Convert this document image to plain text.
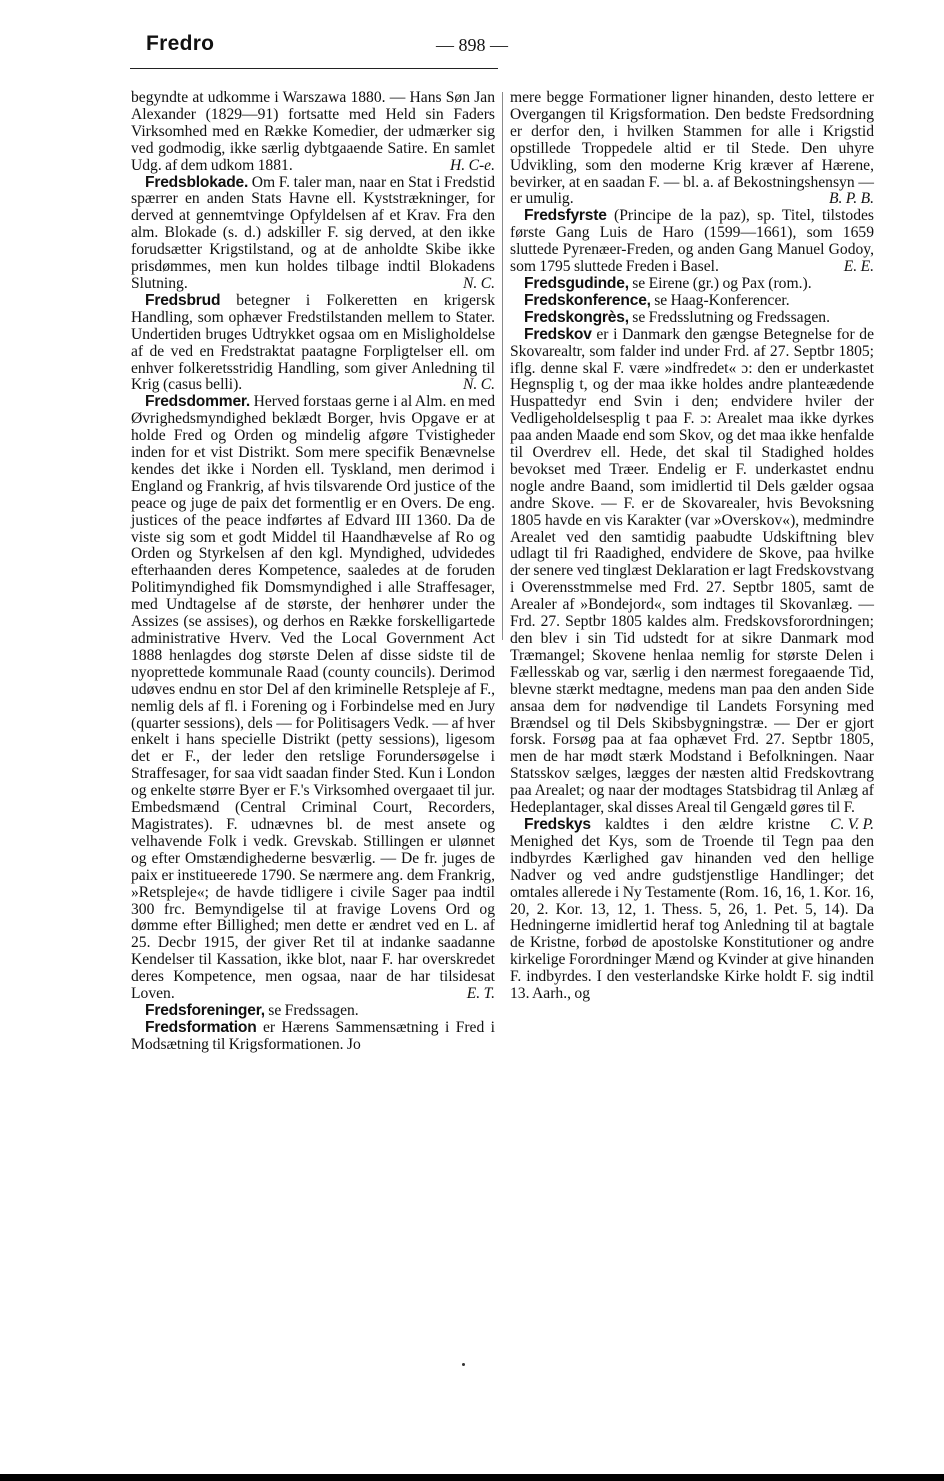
Fredro	— 898 —

begyndte at udkomme i Warszawa 1880. — Hans Søn Jan Alexander (1829—91) fortsatte med Held sin Faders Virksomhed med en Række Komedier, der udmærker sig ved godmodig, ikke særlig dybtgaaende Satire. En samlet Udg. af dem udkom 1881.	H. C-e.

Fredsblokade. Om F. taler man, naar en Stat i Fredstid spærrer en anden Stats Havne ell. Kyststrækninger, for derved at gennemtvinge Opfyldelsen af et Krav. Fra den alm. Blokade (s. d.) adskiller F. sig derved, at den ikke forudsætter Krigstilstand, og at de anholdte Skibe ikke prisdømmes, men kun holdes tilbage indtil Blokadens Slutning.	N. C.

Fredsbrud betegner i Folkeretten en krigersk Handling, som ophæver Fredstilstanden mellem to Stater. Undertiden bruges Udtrykket ogsaa om en Misligholdelse af de ved en Fredstraktat paatagne Forpligtelser ell. om enhver folkeretsstridig Handling, som giver Anledning til Krig (casus belli).	N. C.

Fredsdommer. Herved forstaas gerne i al Alm. en med Øvrighedsmyndighed beklædt Borger, hvis Opgave er at holde Fred og Orden og mindelig afgøre Tvistigheder inden for et vist Distrikt. Som mere specifik Benævnelse kendes det ikke i Norden ell. Tyskland, men derimod i England og Frankrig, af hvis tilsvarende Ord justice of the peace og juge de paix det formentlig er en Overs. De eng. justices of the peace indførtes af Edvard III 1360. Da de viste sig som et godt Middel til Haandhævelse af Ro og Orden og Styrkelsen af den kgl. Myndighed, udvidedes efterhaanden deres Kompetence, saaledes at de foruden Politimyndighed fik Domsmyndighed i alle Straffesager, med Undtagelse af de største, der henhører under the Assizes (se assises), og derhos en Række forskelligartede administrative Hverv. Ved the Local Government Act 1888 henlagdes dog største Delen af disse sidste til de nyoprettede kommunale Raad (county councils). Derimod udøves endnu en stor Del af den kriminelle Retspleje af F., nemlig dels af fl. i Forening og i Forbindelse med en Jury (quarter sessions), dels — for Politisagers Vedk. — af hver enkelt i hans specielle Distrikt (petty sessions), ligesom det er F., der leder den retslige Forundersøgelse i Straffesager, for saa vidt saadan finder Sted. Kun i London og enkelte større Byer er F.'s Virksomhed overgaaet til jur. Embedsmænd (Central Criminal Court, Recorders, Magistrates). F. udnævnes bl. de mest ansete og velhavende Folk i vedk. Grevskab. Stillingen er ulønnet og efter Omstændighederne besværlig. — De fr. juges de paix er institueerede 1790. Se nærmere ang. dem Frankrig, »Retspleje«; de havde tidligere i civile Sager paa indtil 300 frc. Bemyndigelse til at fravige Lovens Ord og dømme efter Billighed; men dette er ændret ved en L. af 25. Decbr 1915, der giver Ret til at indanke saadanne Kendelser til Kassation, ikke blot, naar F. har overskredet deres Kompetence, men ogsaa, naar de har tilsidesat Loven.	E. T.

Fredsforeninger, se Fredssagen.

Fredsformation er Hærens Sammensætning i Fred i Modsætning til Krigsformationen. Jo

mere begge Formationer ligner hinanden, desto lettere er Overgangen til Krigsformation. Den bedste Fredsordning er derfor den, i hvilken Stammen for alle i Krigstid opstillede Troppedele altid er til Stede. Den uhyre Udvikling, som den moderne Krig kræver af Hærene, bevirker, at en saadan F. — bl. a. af Bekostningshensyn — er umulig.	B. P. B.

Fredsfyrste (Principe de la paz), sp. Titel, tilstodes første Gang Luis de Haro (1599—1661), som 1659 sluttede Pyrenæer-Freden, og anden Gang Manuel Godoy, som 1795 sluttede Freden i Basel.	E. E.

Fredsgudinde, se Eirene (gr.) og Pax (rom.).

Fredskonference, se Haag-Konferencer.

Fredskongrès, se Fredsslutning og Fredssagen.

Fredskov er i Danmark den gængse Betegnelse for de Skovarealtr, som falder ind under Frd. af 27. Septbr 1805; iflg. denne skal F. være »indfredet« ɔ: den er underkastet Hegnsplig t, og der maa ikke holdes andre planteædende Huspattedyr end Svin i den; endvidere hviler der Vedligeholdelsesplig t paa F. ɔ: Arealet maa ikke dyrkes paa anden Maade end som Skov, og det maa ikke henfalde til Overdrev ell. Hede, det skal til Stadighed holdes bevokset med Træer. Endelig er F. underkastet endnu nogle andre Baand, som imidlertid til Dels gælder ogsaa andre Skove. — F. er de Skovarealer, hvis Bevoksning 1805 havde en vis Karakter (var »Overskov«), medmindre Arealet ved den samtidig paabudte Udskiftning blev udlagt til fri Raadighed, endvidere de Skove, paa hvilke der senere ved tinglæst Deklaration er lagt Fredskovstvang i Overensstmmelse med Frd. 27. Septbr 1805, samt de Arealer af »Bondejord«, som indtages til Skovanlæg. — Frd. 27. Septbr 1805 kaldes alm. Fredskovsforordningen; den blev i sin Tid udstedt for at sikre Danmark mod Træmangel; Skovene henlaa nemlig for største Delen i Fællesskab og var, særlig i den nærmest foregaaende Tid, blevne stærkt medtagne, medens man paa den anden Side ansaa dem for nødvendige til Landets Forsyning med Brændsel og til Dels Skibsbygningstræ. — Der er gjort forsk. Forsøg paa at faa ophævet Frd. 27. Septbr 1805, men de har mødt stærk Modstand i Befolkningen. Naar Statsskov sælges, lægges der næsten altid Fredskovtrang paa Arealet; og naar der modtages Statsbidrag til Anlæg af Hedeplantager, skal disses Areal til Gengæld gøres til F.
C. V. P.

Fredskys kaldtes i den ældre kristne Menighed det Kys, som de Troende til Tegn paa den indbyrdes Kærlighed gav hinanden ved den hellige Nadver og ved andre gudstjenstlige Handlinger; det omtales allerede i Ny Testamente (Rom. 16, 16, 1. Kor. 16, 20, 2. Kor. 13, 12, 1. Thess. 5, 26, 1. Pet. 5, 14). Da Hedningerne imidlertid heraf tog Anledning til at bagtale de Kristne, forbød de apostolske Konstitutioner og andre kirkelige Forordninger Mænd og Kvinder at give hinanden F. indbyrdes. I den vesterlandske Kirke holdt F. sig indtil 13. Aarh., og
